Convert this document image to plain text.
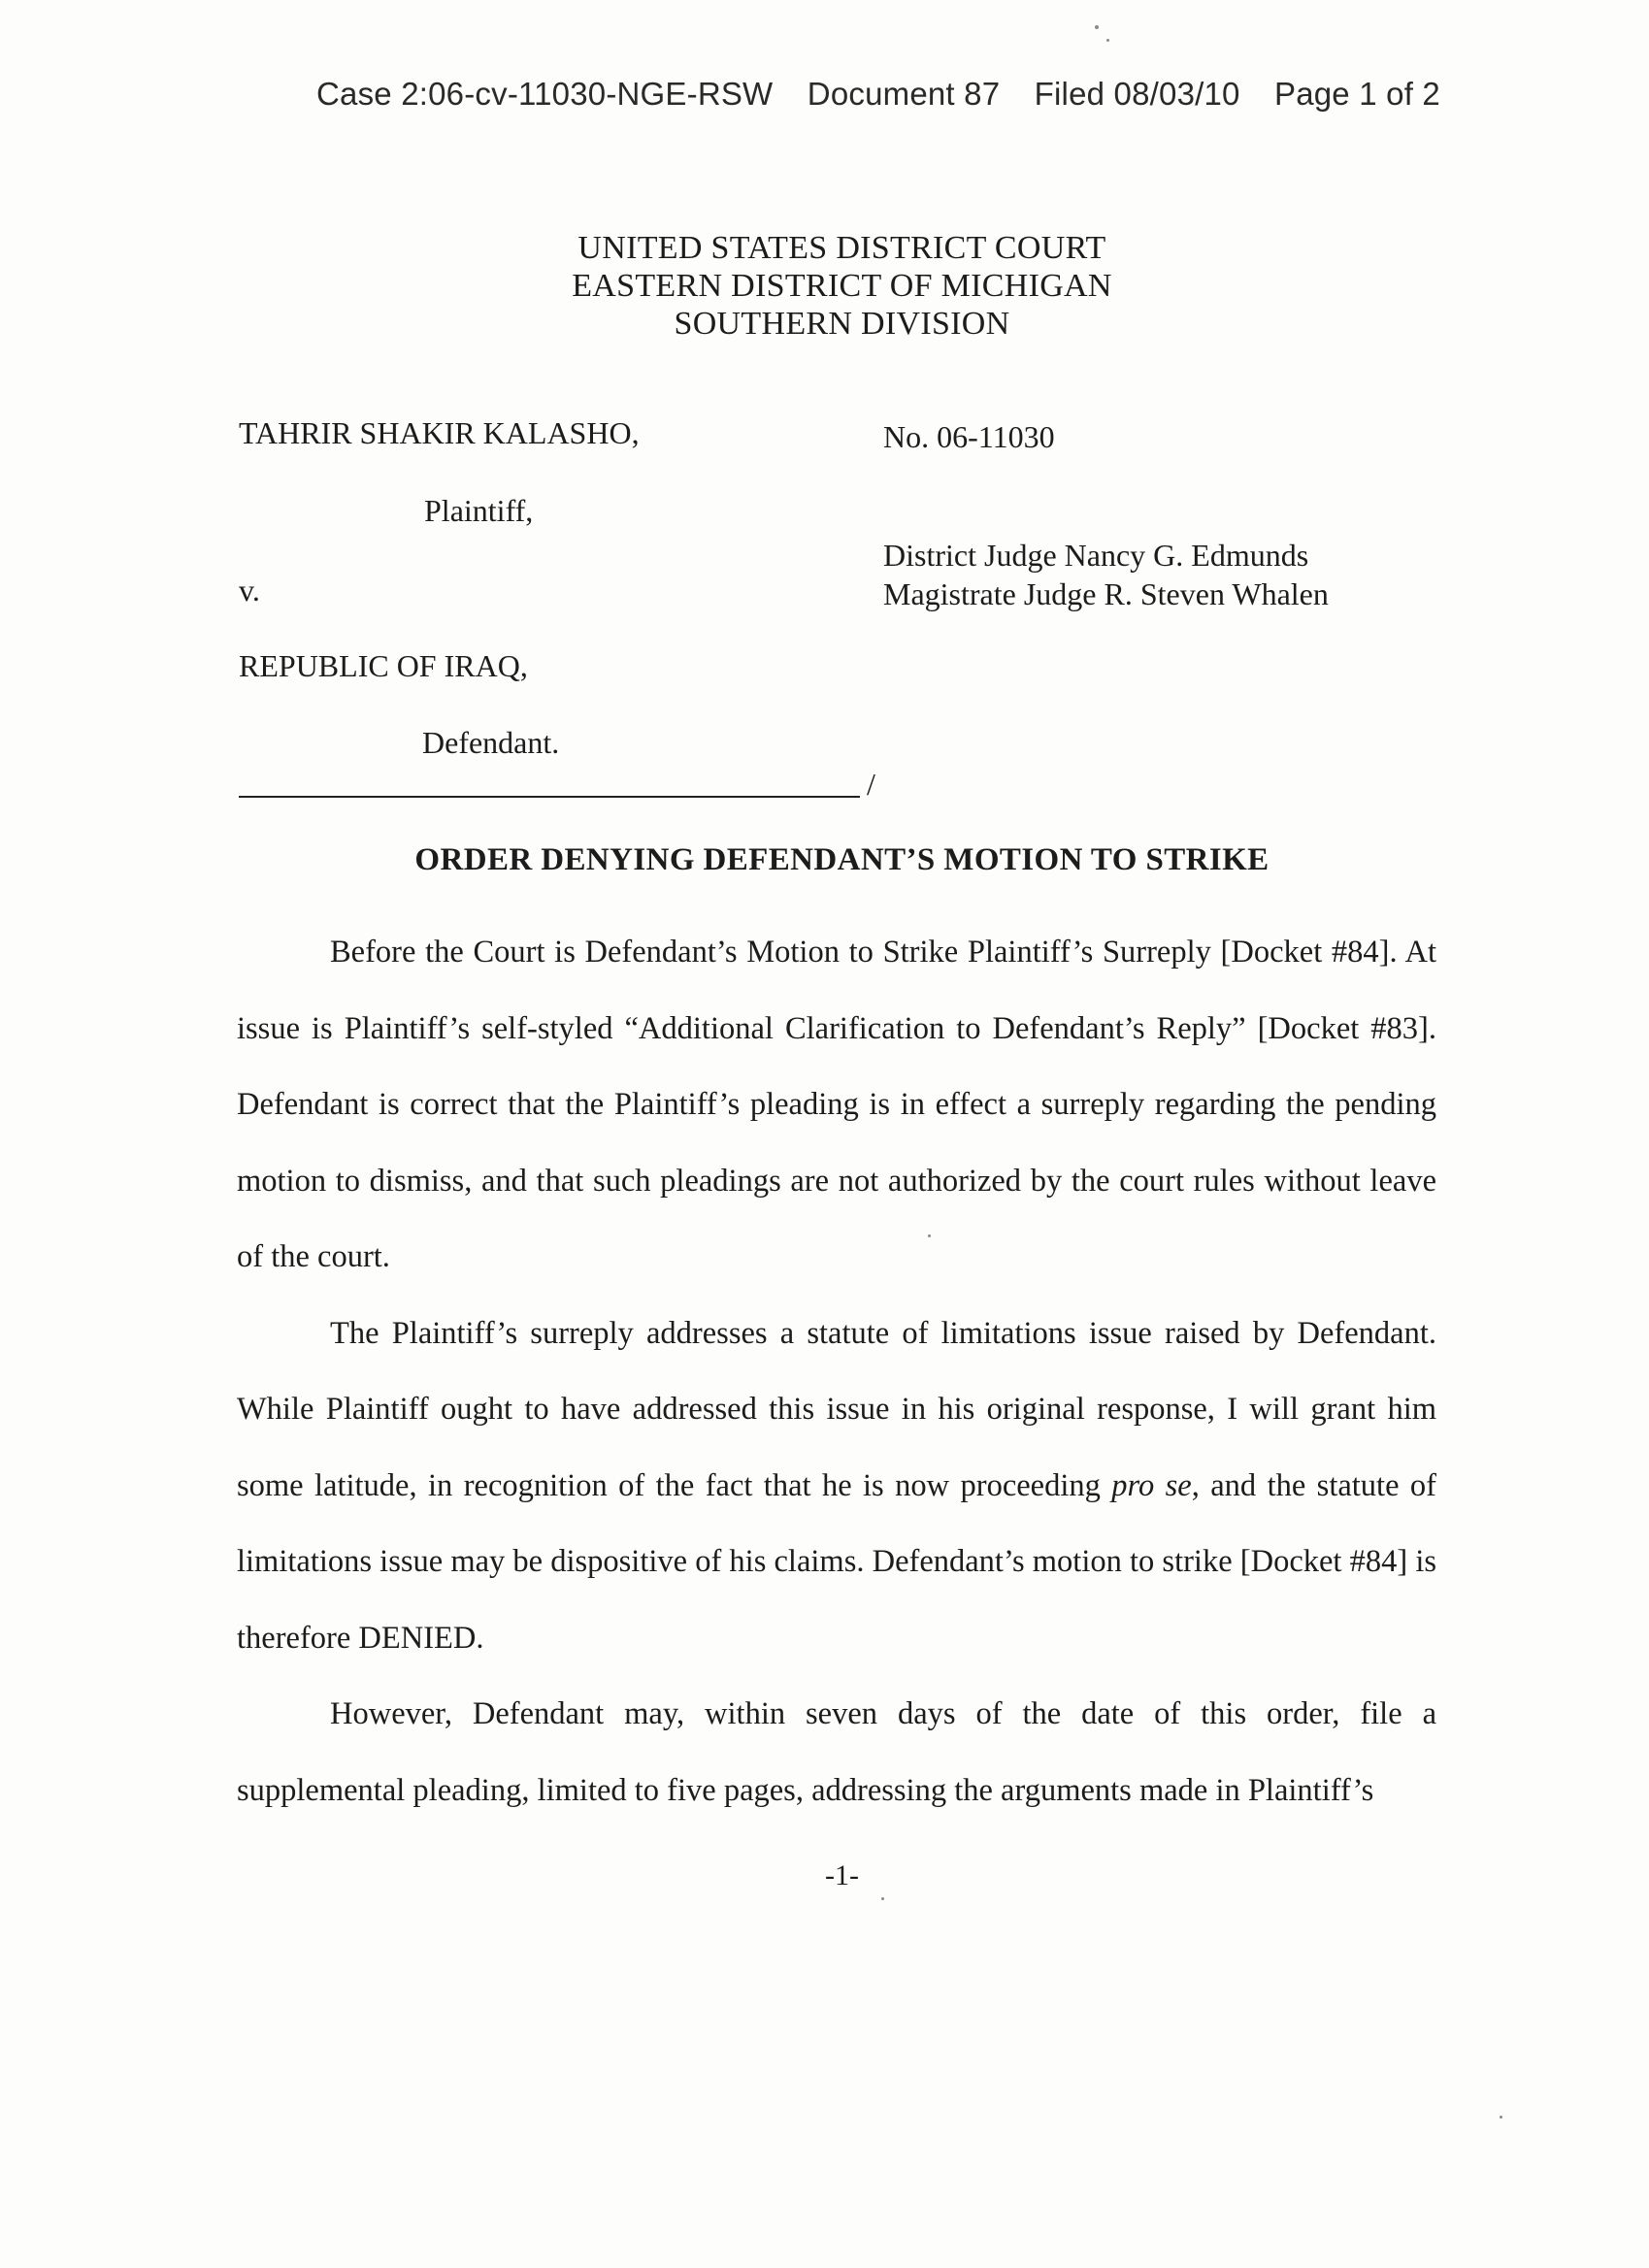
Case 2:06-cv-11030-NGE-RSW Document 87 Filed 08/03/10 Page 1 of 2
UNITED STATES DISTRICT COURT
EASTERN DISTRICT OF MICHIGAN
SOUTHERN DIVISION
TAHRIR SHAKIR KALASHO,
Plaintiff,
v.
REPUBLIC OF IRAQ,
Defendant.
No. 06-11030
District Judge Nancy G. Edmunds
Magistrate Judge R. Steven Whalen
/
ORDER DENYING DEFENDANT’S MOTION TO STRIKE

Before the Court is Defendant’s Motion to Strike Plaintiff’s Surreply [Docket #84]. At issue is Plaintiff’s self-styled “Additional Clarification to Defendant’s Reply” [Docket #83]. Defendant is correct that the Plaintiff’s pleading is in effect a surreply regarding the pending motion to dismiss, and that such pleadings are not authorized by the court rules without leave of the court.

The Plaintiff’s surreply addresses a statute of limitations issue raised by Defendant. While Plaintiff ought to have addressed this issue in his original response, I will grant him some latitude, in recognition of the fact that he is now proceeding pro se, and the statute of limitations issue may be dispositive of his claims. Defendant’s motion to strike [Docket #84] is therefore DENIED.

However, Defendant may, within seven days of the date of this order, file a supplemental pleading, limited to five pages, addressing the arguments made in Plaintiff’s

-1-
